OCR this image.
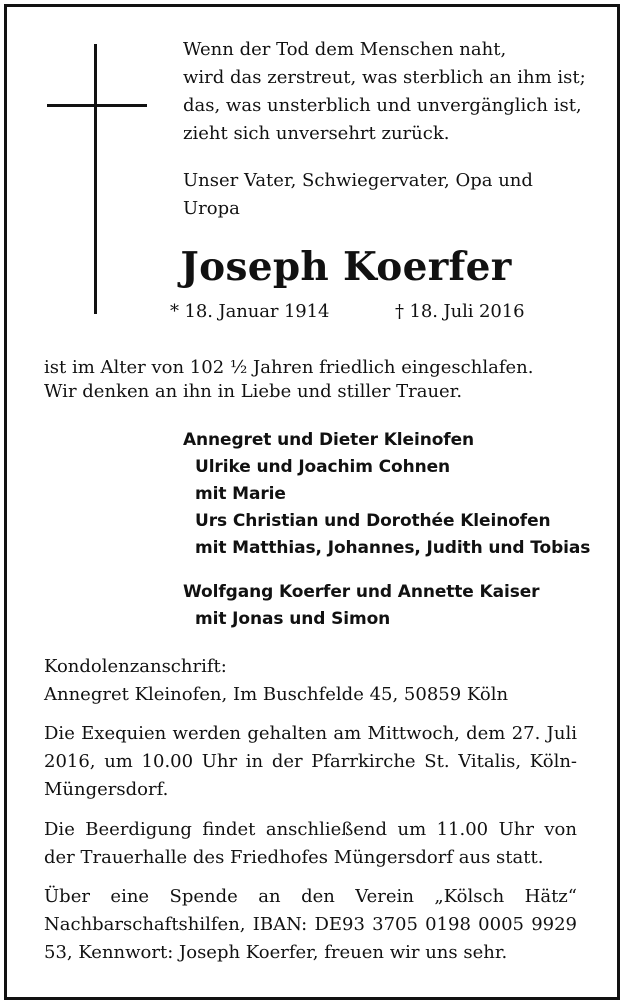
Wenn der Tod dem Menschen naht,
wird das zerstreut, was sterblich an ihm ist;
das, was unsterblich und unvergänglich ist,
zieht sich unversehrt zurück.
Unser Vater, Schwiegervater, Opa und
Uropa
Joseph Koerfer
* 18. Januar 1914	† 18. Juli 2016
ist im Alter von 102 ½ Jahren friedlich eingeschlafen.
Wir denken an ihn in Liebe und stiller Trauer.
Annegret und Dieter Kleinofen
Ulrike und Joachim Cohnen
mit Marie
Urs Christian und Dorothée Kleinofen
mit Matthias, Johannes, Judith und Tobias
Wolfgang Koerfer und Annette Kaiser
mit Jonas und Simon
Kondolenzanschrift:
Annegret Kleinofen, Im Buschfelde 45, 50859 Köln
Die Exequien werden gehalten am Mittwoch, dem 27. Juli 2016, um 10.00 Uhr in der Pfarrkirche St. Vitalis, Köln-Müngersdorf.
Die Beerdigung findet anschließend um 11.00 Uhr von der Trauerhalle des Friedhofes Müngersdorf aus statt.
Über eine Spende an den Verein „Kölsch Hätz“ Nachbarschaftshilfen, IBAN: DE93 3705 0198 0005 9929 53, Kennwort: Joseph Koerfer, freuen wir uns sehr.
